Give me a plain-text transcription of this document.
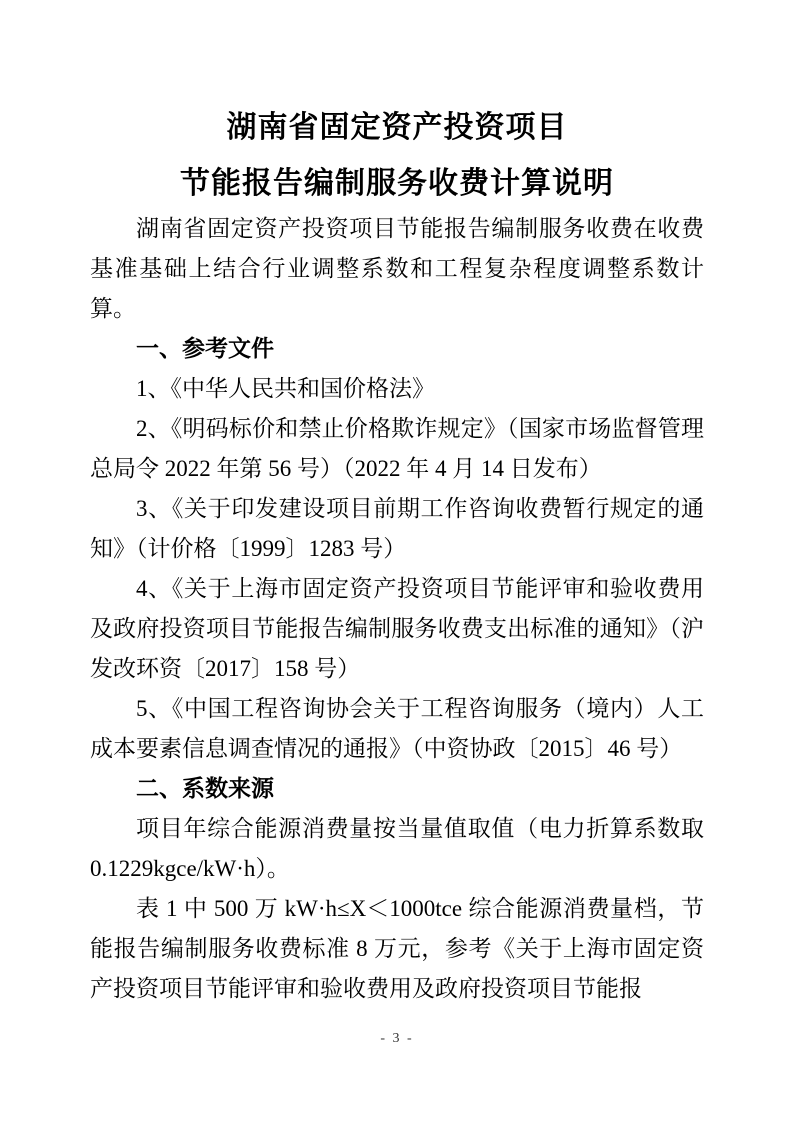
湖南省固定资产投资项目
节能报告编制服务收费计算说明

湖南省固定资产投资项目节能报告编制服务收费在收费基准基础上结合行业调整系数和工程复杂程度调整系数计算。

一、参考文件

1、《中华人民共和国价格法》

2、《明码标价和禁止价格欺诈规定》（国家市场监督管理总局令 2022 年第 56 号）（2022 年 4 月 14 日发布）

3、《关于印发建设项目前期工作咨询收费暂行规定的通知》（计价格〔1999〕1283 号）

4、《关于上海市固定资产投资项目节能评审和验收费用及政府投资项目节能报告编制服务收费支出标准的通知》（沪发改环资〔2017〕158 号）

5、《中国工程咨询协会关于工程咨询服务（境内）人工成本要素信息调查情况的通报》（中资协政〔2015〕46 号）

二、系数来源

项目年综合能源消费量按当量值取值（电力折算系数取 0.1229kgce/kW·h）。

表 1 中 500 万 kW·h≤X＜1000tce 综合能源消费量档，节能报告编制服务收费标准 8 万元，参考《关于上海市固定资产投资项目节能评审和验收费用及政府投资项目节能报

- 3 -
